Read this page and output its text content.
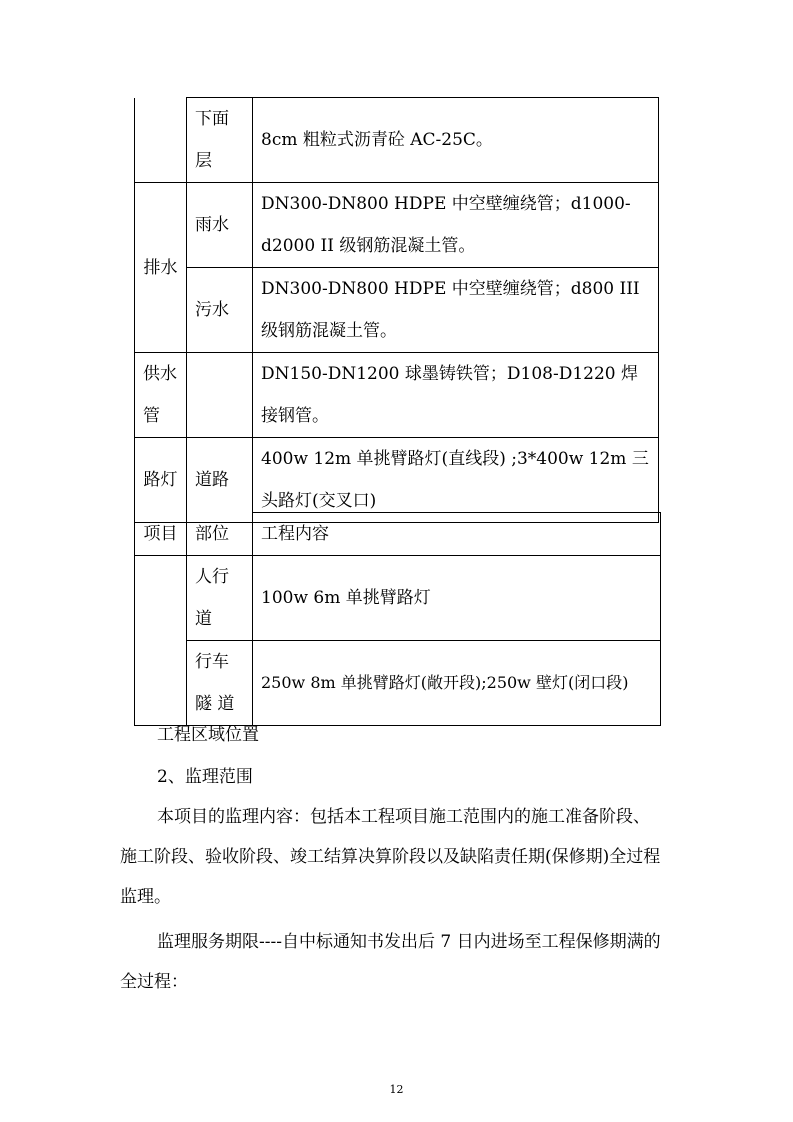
	下面层	8cm 粗粒式沥青砼 AC-25C。

排水	雨水	DN300-DN800 HDPE 中空壁缠绕管；d1000-d2000 II 级钢筋混凝土管。

	污水	DN300-DN800 HDPE 中空壁缠绕管；d800 III 级钢筋混凝土管。

供水管		DN150-DN1200 球墨铸铁管；D108-D1220 焊接钢管。

路灯	道路	400w 12m 单挑臂路灯(直线段) ;3*400w 12m 三头路灯(交叉口)
项目	部位	工程内容

	人行道	100w 6m 单挑臂路灯

	行车隧 道	250w 8m 单挑臂路灯(敞开段);250w 壁灯(闭口段)

工程区域位置

2、监理范围

本项目的监理内容：包括本工程项目施工范围内的施工准备阶段、施工阶段、验收阶段、竣工结算决算阶段以及缺陷责任期(保修期)全过程监理。

监理服务期限----自中标通知书发出后 7 日内进场至工程保修期满的全过程：

12
